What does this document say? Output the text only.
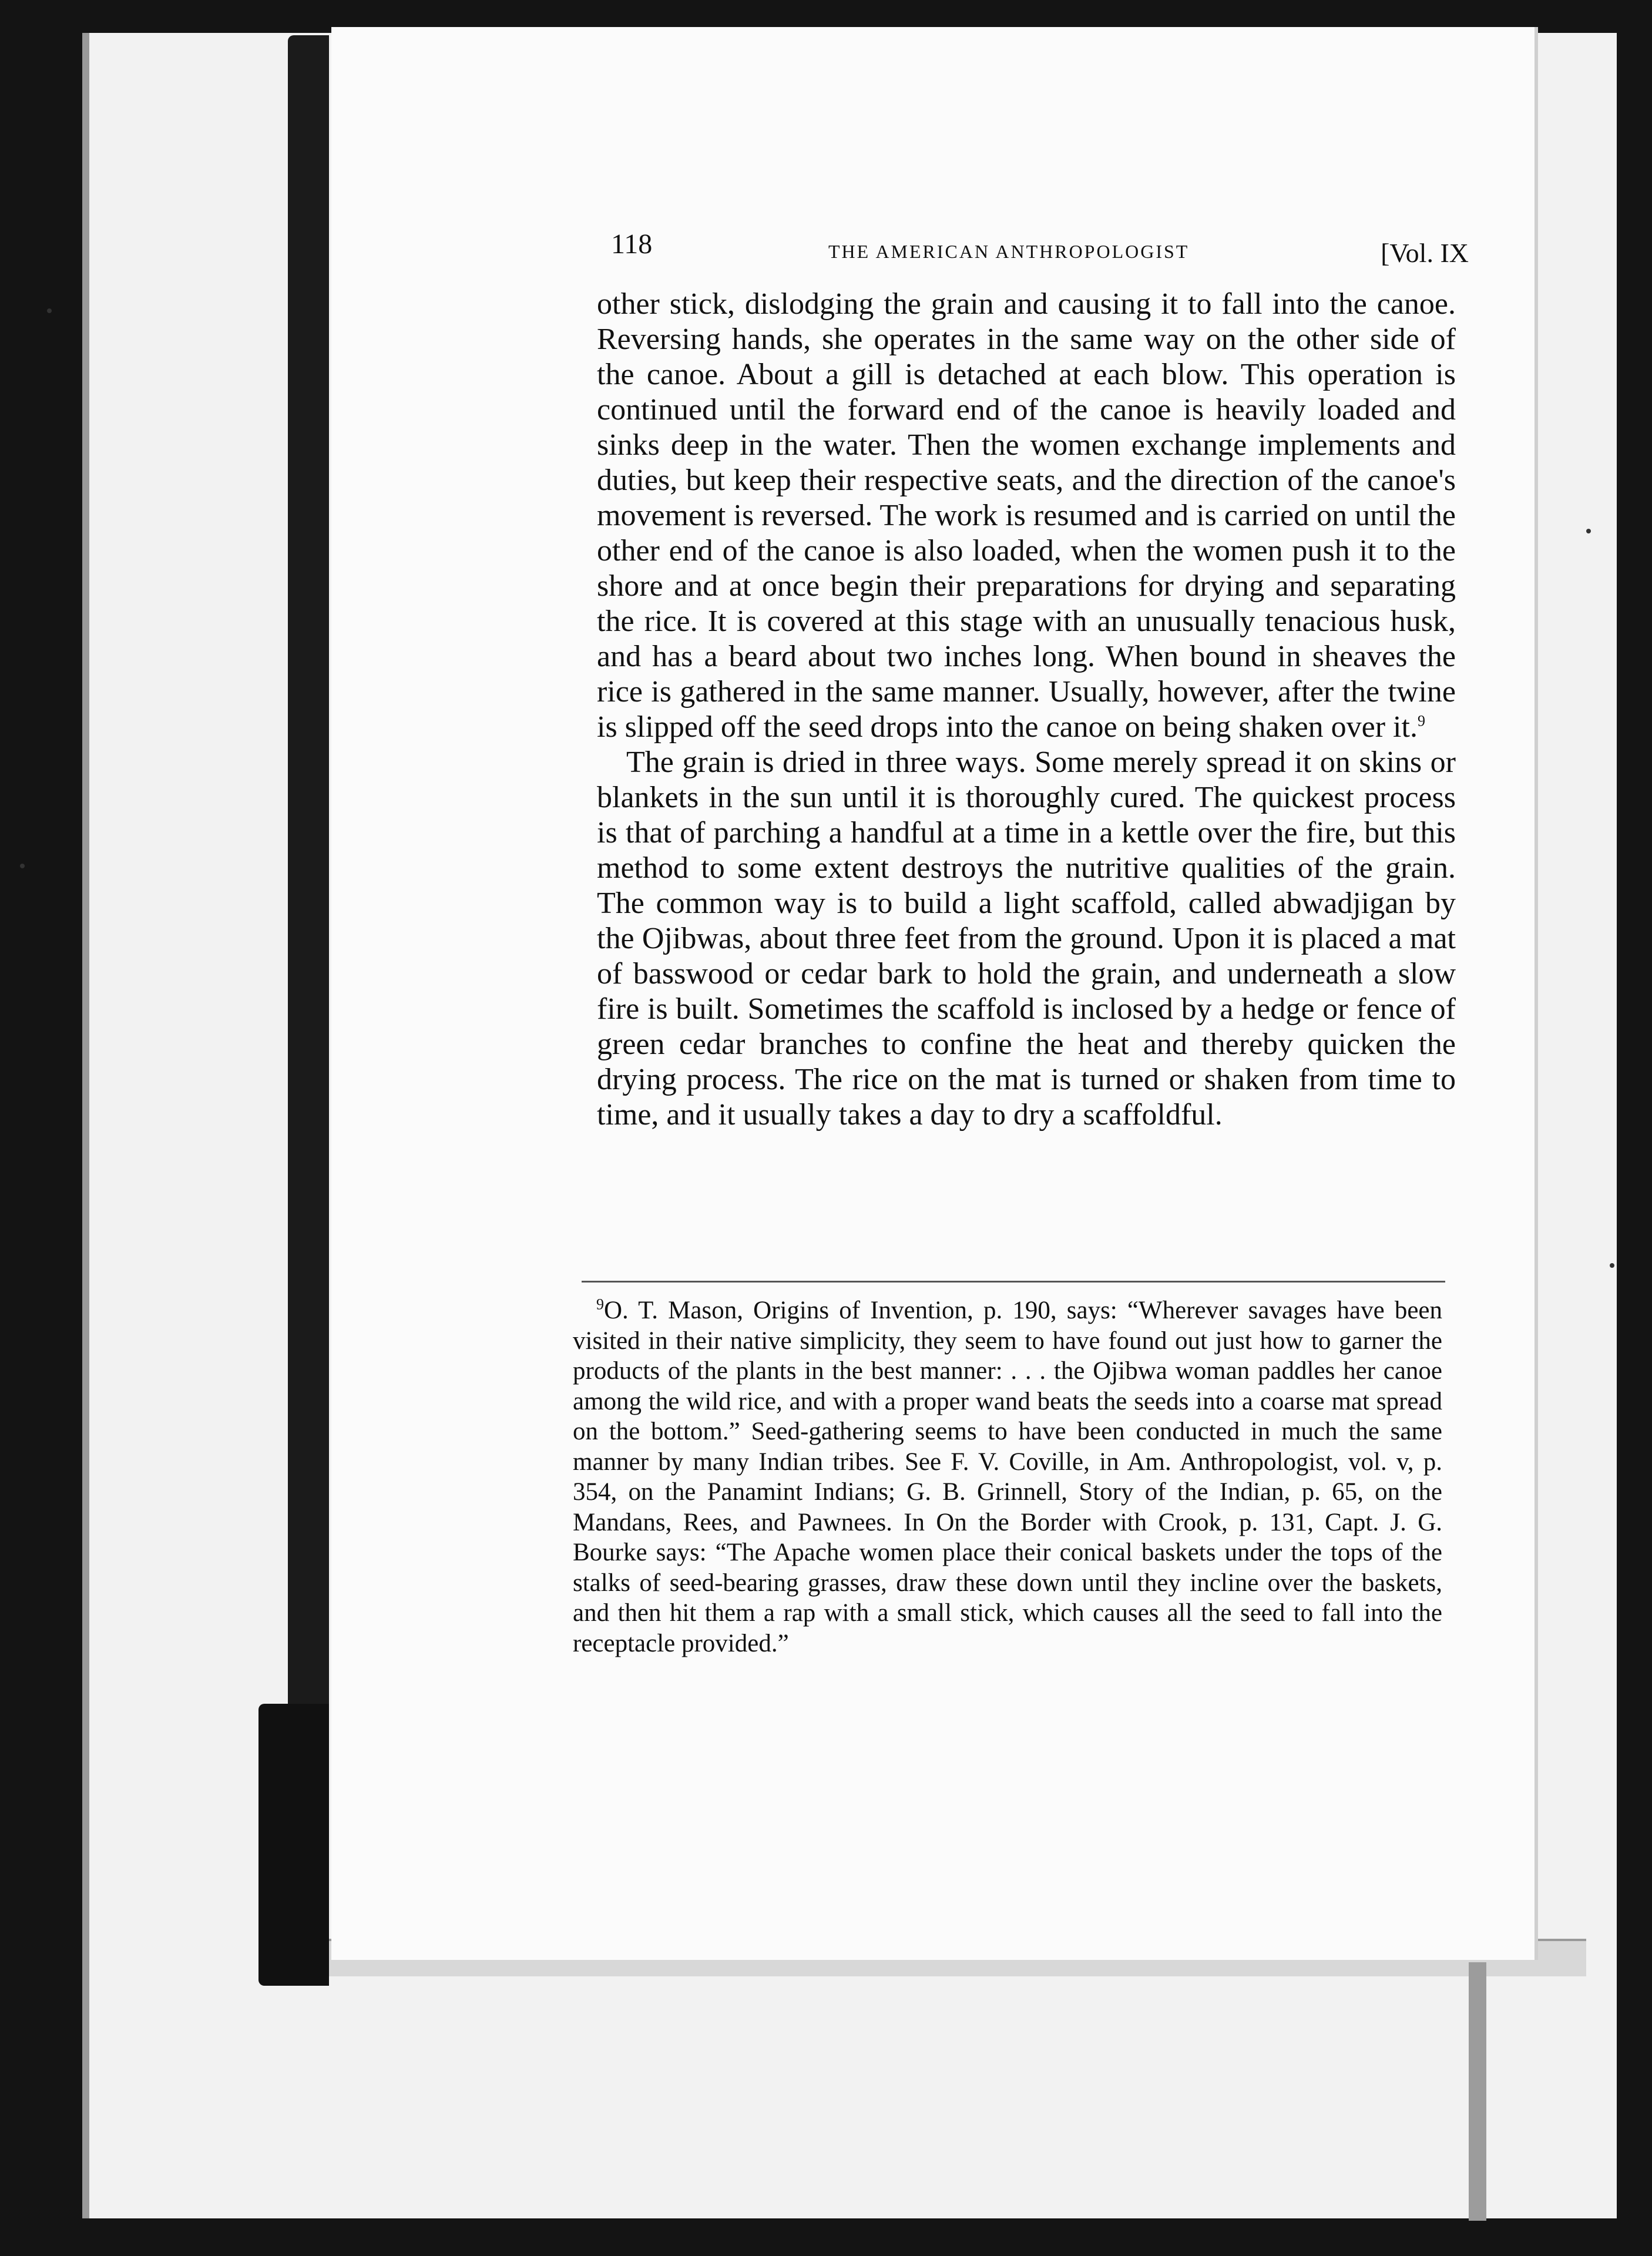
118	THE AMERICAN ANTHROPOLOGIST	[Vol. IX

other stick, dislodging the grain and causing it to fall into the canoe. Reversing hands, she operates in the same way on the other side of the canoe. About a gill is detached at each blow. This operation is continued until the forward end of the canoe is heavily loaded and sinks deep in the water. Then the women exchange implements and duties, but keep their respective seats, and the direction of the canoe's movement is reversed. The work is resumed and is carried on until the other end of the canoe is also loaded, when the women push it to the shore and at once begin their preparations for drying and separating the rice. It is covered at this stage with an unusually tenacious husk, and has a beard about two inches long. When bound in sheaves the rice is gathered in the same manner. Usually, however, after the twine is slipped off the seed drops into the canoe on being shaken over it.$^9$

The grain is dried in three ways. Some merely spread it on skins or blankets in the sun until it is thoroughly cured. The quickest process is that of parching a handful at a time in a kettle over the fire, but this method to some extent destroys the nutritive qualities of the grain. The common way is to build a light scaffold, called abwadjigan by the Ojibwas, about three feet from the ground. Upon it is placed a mat of basswood or cedar bark to hold the grain, and underneath a slow fire is built. Sometimes the scaffold is inclosed by a hedge or fence of green cedar branches to confine the heat and thereby quicken the drying process. The rice on the mat is turned or shaken from time to time, and it usually takes a day to dry a scaffoldful.

$^9$O. T. Mason, Origins of Invention, p. 190, says: “Wherever savages have been visited in their native simplicity, they seem to have found out just how to garner the products of the plants in the best manner: . . . the Ojibwa woman paddles her canoe among the wild rice, and with a proper wand beats the seeds into a coarse mat spread on the bottom.” Seed-gathering seems to have been conducted in much the same manner by many Indian tribes. See F. V. Coville, in Am. Anthropologist, vol. v, p. 354, on the Panamint Indians; G. B. Grinnell, Story of the Indian, p. 65, on the Mandans, Rees, and Pawnees. In On the Border with Crook, p. 131, Capt. J. G. Bourke says: “The Apache women place their conical baskets under the tops of the stalks of seed-bearing grasses, draw these down until they incline over the baskets, and then hit them a rap with a small stick, which causes all the seed to fall into the receptacle provided.”
